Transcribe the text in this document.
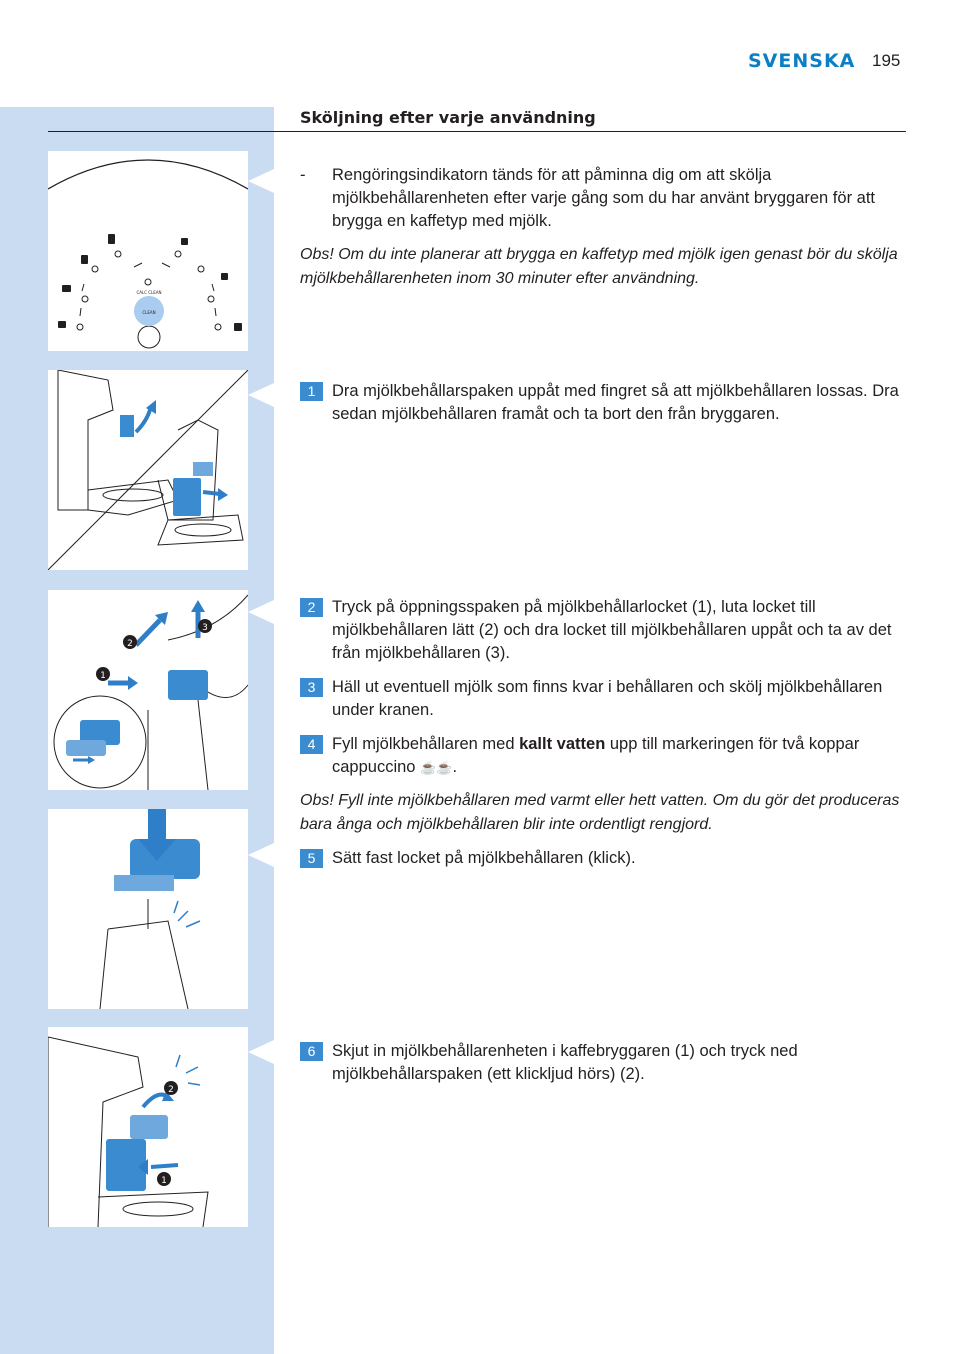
SVENSKA 195
Sköljning efter varje användning
CALC CLEAN
CLEAN
1
2
3
2
1
-	Rengöringsindikatorn tänds för att påminna dig om att skölja mjölkbehållarenheten efter varje gång som du har använt bryggaren för att brygga en kaffetyp med mjölk.
Obs! Om du inte planerar att brygga en kaffetyp med mjölk igen genast bör du skölja mjölkbehållarenheten inom 30 minuter efter användning.
1	Dra mjölkbehållarspaken uppåt med fingret så att mjölkbehållaren lossas. Dra sedan mjölkbehållaren framåt och ta bort den från bryggaren.
2	Tryck på öppningsspaken på mjölkbehållarlocket (1), luta locket till mjölkbehållaren lätt (2) och dra locket till mjölkbehållaren uppåt och ta av det från mjölkbehållaren (3).
3	Häll ut eventuell mjölk som finns kvar i behållaren och skölj mjölkbehållaren under kranen.
4	Fyll mjölkbehållaren med kallt vatten upp till markeringen för två koppar cappuccino ☕☕.
Obs! Fyll inte mjölkbehållaren med varmt eller hett vatten. Om du gör det produceras bara ånga och mjölkbehållaren blir inte ordentligt rengjord.
5	Sätt fast locket på mjölkbehållaren (klick).
6	Skjut in mjölkbehållarenheten i kaffebryggaren (1) och tryck ned mjölkbehållarspaken (ett klickljud hörs) (2).
